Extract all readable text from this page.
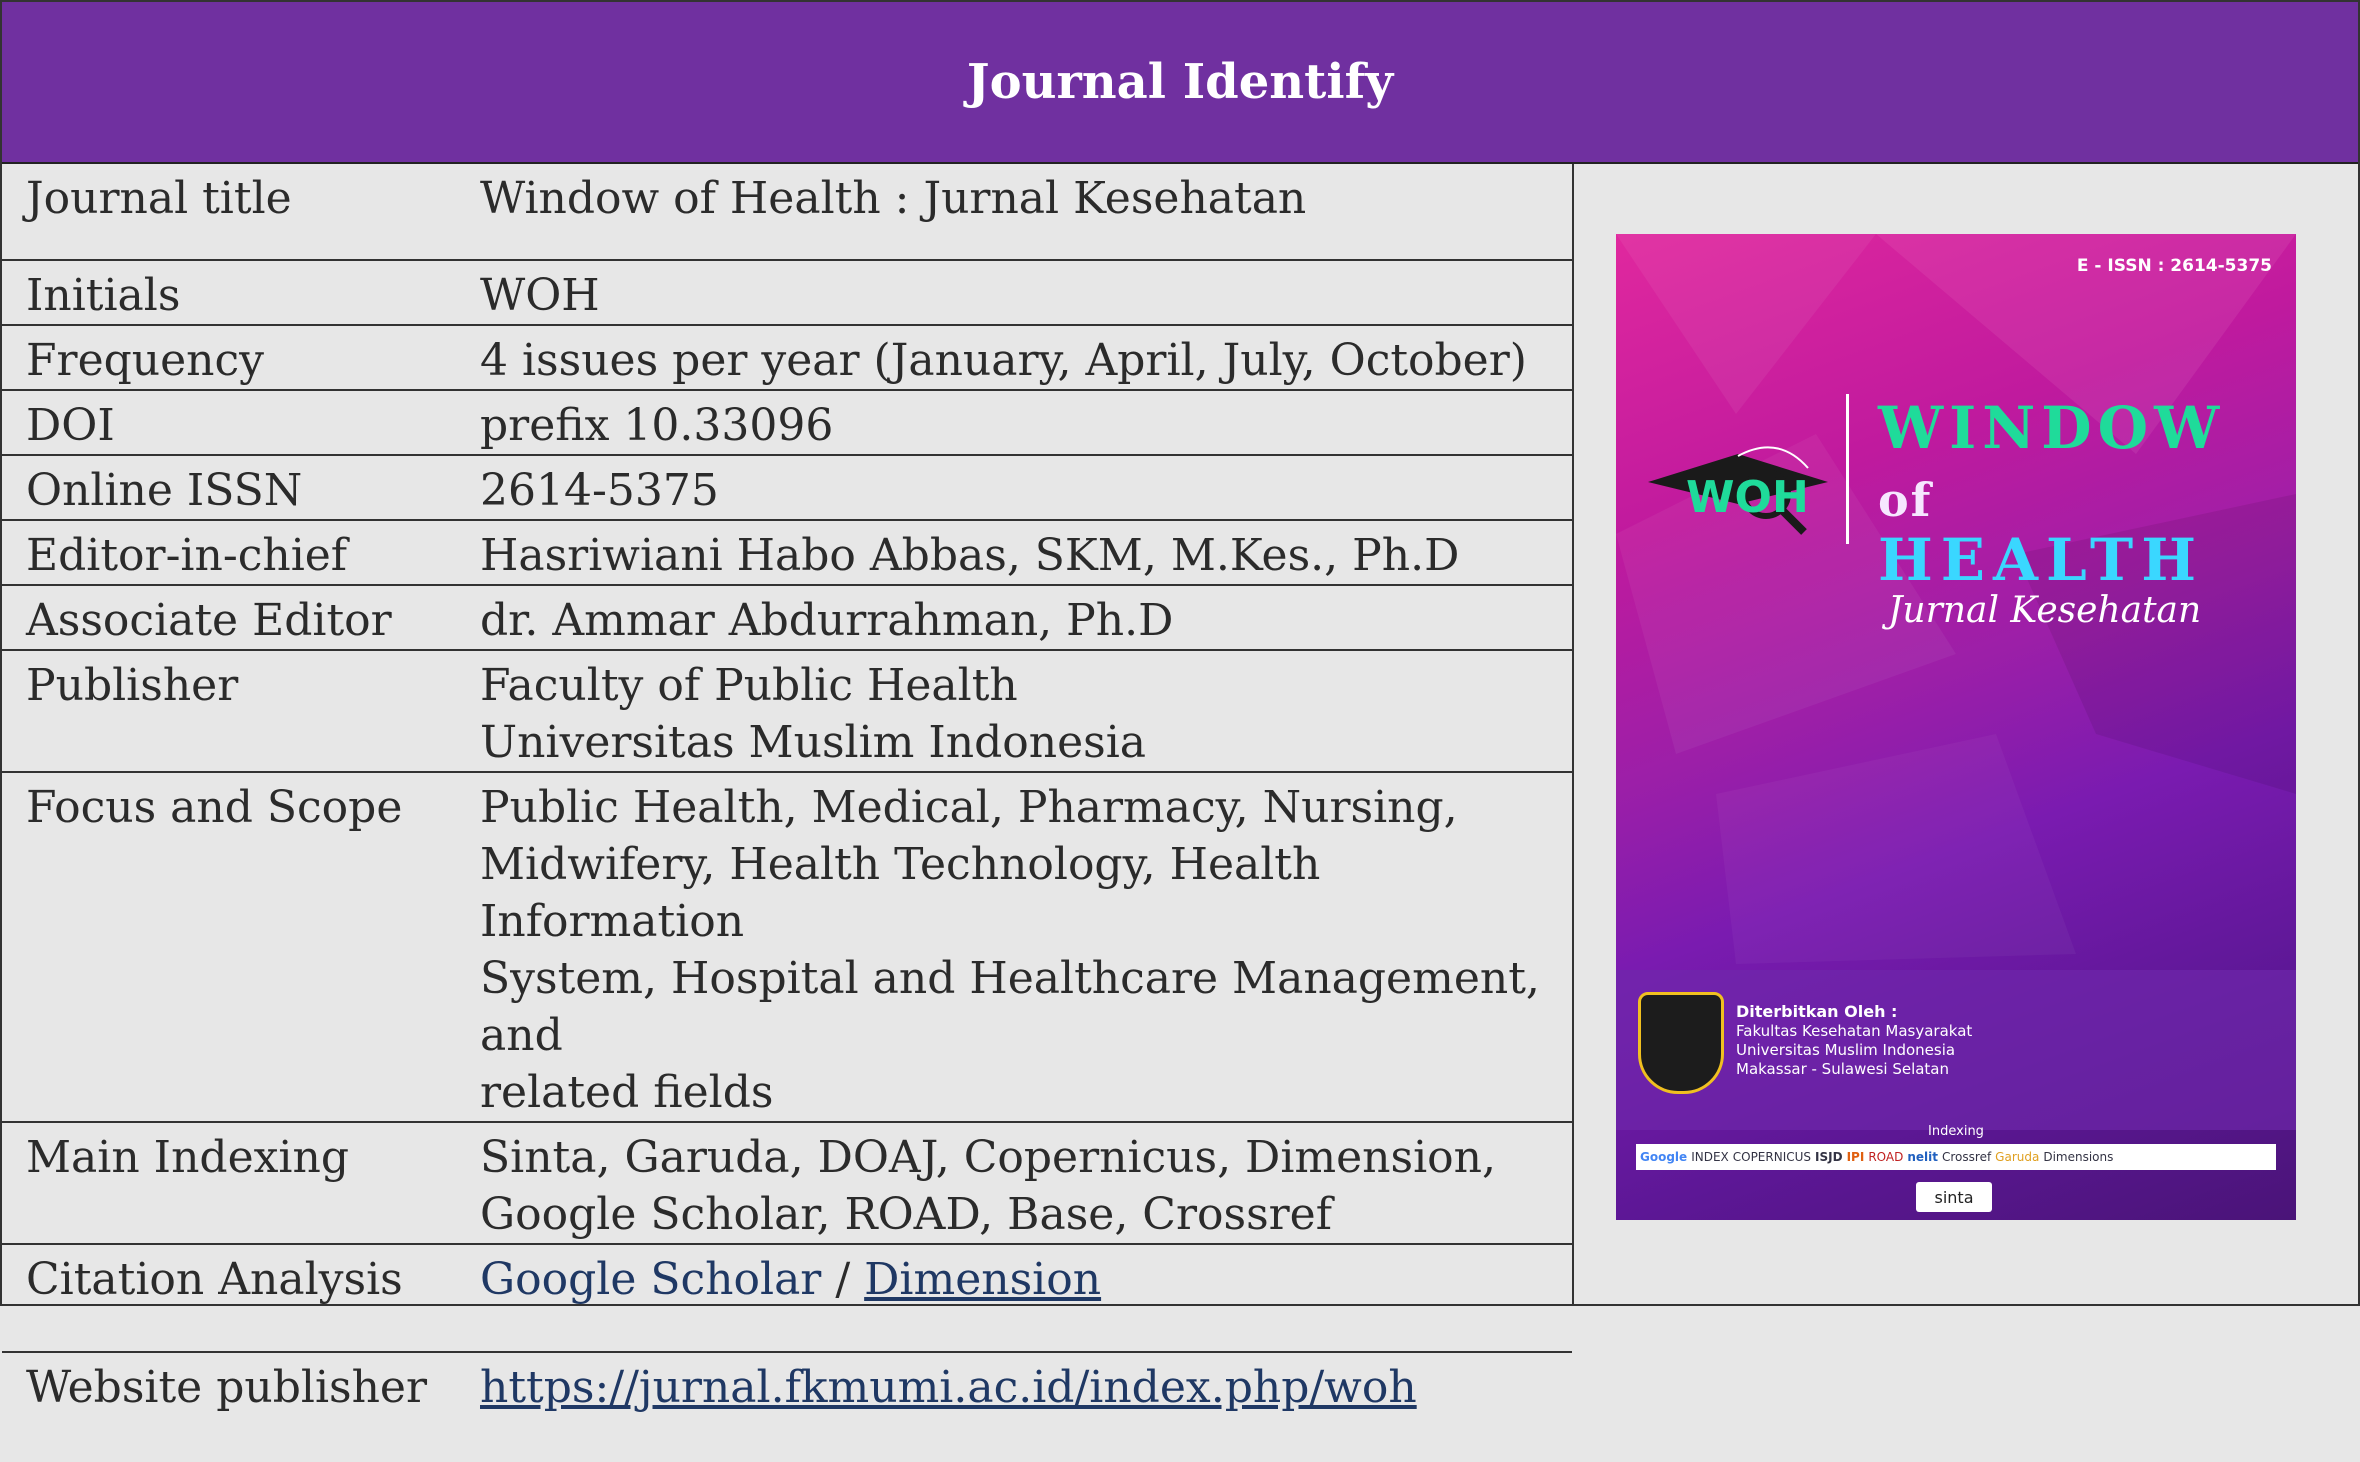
Journal Identify
Journal title	Window of Health : Jurnal Kesehatan
Initials	WOH
Frequency	4 issues per year (January, April, July, October)
DOI	prefix 10.33096
Online ISSN	2614-5375
Editor-in-chief	Hasriwiani Habo Abbas, SKM, M.Kes., Ph.D
Associate Editor	dr. Ammar Abdurrahman, Ph.D
Publisher	Faculty of Public Health
Universitas Muslim Indonesia

Focus and Scope	Public Health, Medical, Pharmacy, Nursing,
Midwifery, Health Technology, Health Information
System, Hospital and Healthcare Management, and
related fields

Main Indexing	Sinta, Garuda, DOAJ, Copernicus, Dimension,
Google Scholar, ROAD, Base, Crossref

Citation Analysis	Google Scholar / Dimension
Website publisher	https://jurnal.fkmumi.ac.id/index.php/woh
E - ISSN : 2614-5375
WOH
WINDOW of
HEALTH
Jurnal Kesehatan
Diterbitkan Oleh :
Fakultas Kesehatan Masyarakat
Universitas Muslim Indonesia
Makassar - Sulawesi Selatan
Indexing
Google INDEX COPERNICUS ISJD IPI ROAD nelit Crossref Garuda Dimensions
sinta
